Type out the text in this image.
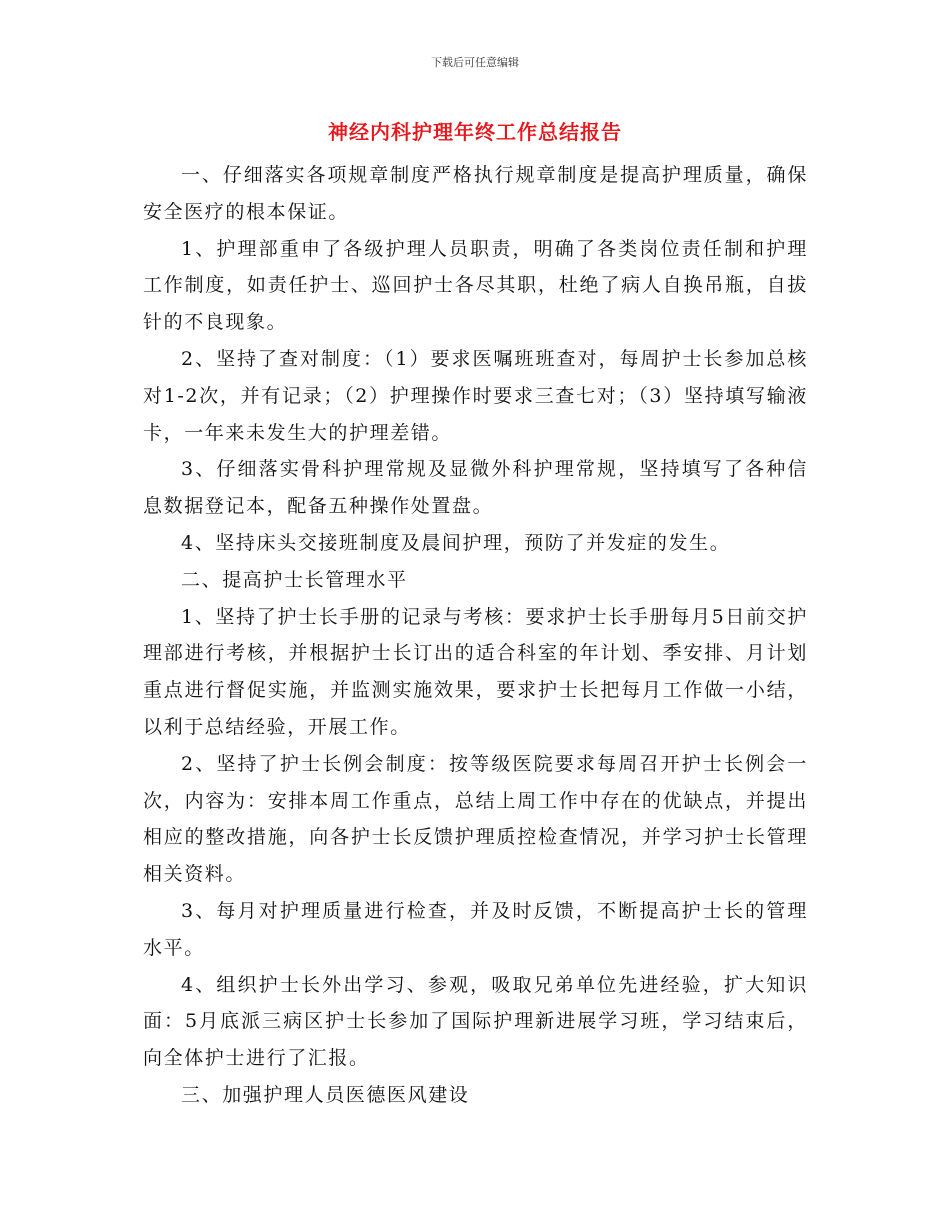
下载后可任意编辑
神经内科护理年终工作总结报告

一、仔细落实各项规章制度严格执行规章制度是提高护理质量，确保安全医疗的根本保证。

1、护理部重申了各级护理人员职责，明确了各类岗位责任制和护理工作制度，如责任护士、巡回护士各尽其职，杜绝了病人自换吊瓶，自拔针的不良现象。

2、坚持了查对制度：（1）要求医嘱班班查对，每周护士长参加总核对1-2次，并有记录；（2）护理操作时要求三查七对；（3）坚持填写输液卡，一年来未发生大的护理差错。

3、仔细落实骨科护理常规及显微外科护理常规，坚持填写了各种信息数据登记本，配备五种操作处置盘。

4、坚持床头交接班制度及晨间护理，预防了并发症的发生。

二、提高护士长管理水平

1、坚持了护士长手册的记录与考核：要求护士长手册每月5日前交护理部进行考核，并根据护士长订出的适合科室的年计划、季安排、月计划重点进行督促实施，并监测实施效果，要求护士长把每月工作做一小结，以利于总结经验，开展工作。

2、坚持了护士长例会制度：按等级医院要求每周召开护士长例会一次，内容为：安排本周工作重点，总结上周工作中存在的优缺点，并提出相应的整改措施，向各护士长反馈护理质控检查情况，并学习护士长管理相关资料。

3、每月对护理质量进行检查，并及时反馈，不断提高护士长的管理水平。

4、组织护士长外出学习、参观，吸取兄弟单位先进经验，扩大知识面：5月底派三病区护士长参加了国际护理新进展学习班，学习结束后，向全体护士进行了汇报。

三、加强护理人员医德医风建设
